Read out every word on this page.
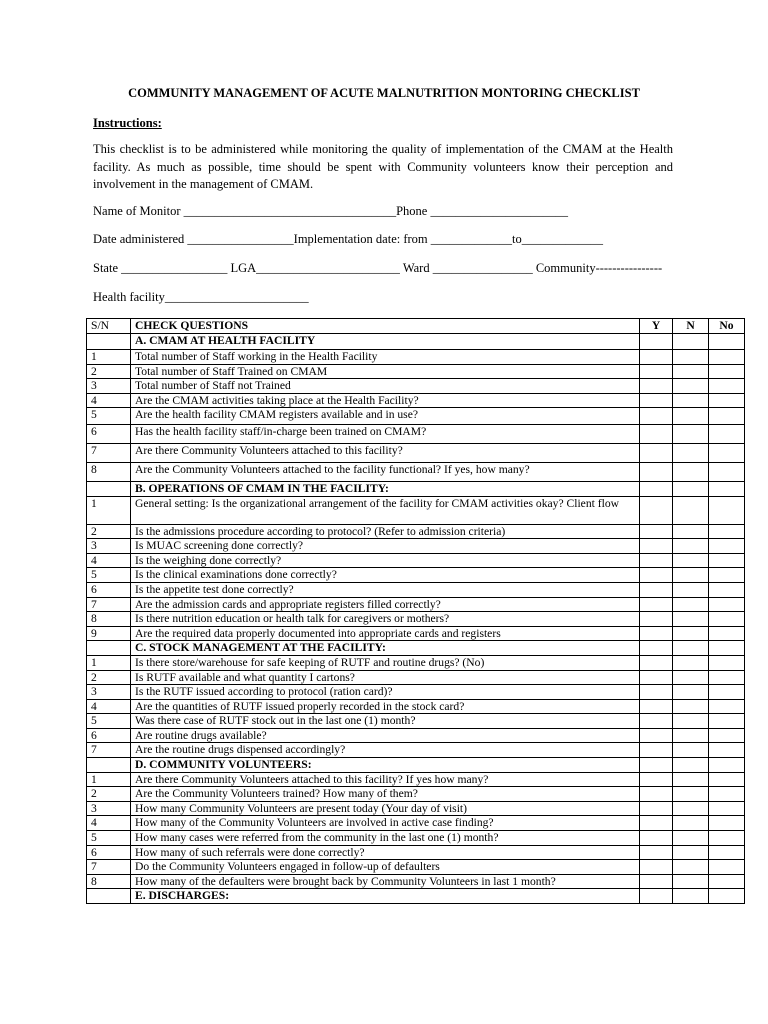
COMMUNITY MANAGEMENT OF ACUTE MALNUTRITION MONTORING CHECKLIST
Instructions:
This checklist is to be administered while monitoring the quality of implementation of the CMAM at the Health facility. As much as possible, time should be spent with Community volunteers know their perception and involvement in the management of CMAM.
Name of Monitor __________________________________Phone ______________________
Date administered _________________Implementation date: from _____________to_____________
State _________________ LGA_______________________ Ward ________________ Community----------------
Health facility_______________________
S/N	CHECK QUESTIONS	Y	N	No
	A. CMAM AT HEALTH FACILITY			
1	Total number of Staff working in the Health Facility			
2	Total number of Staff Trained on CMAM			
3	Total number of Staff not Trained			
4	Are the CMAM activities taking place at the Health Facility?			
5	Are the health facility CMAM registers available and in use?			
6	Has the health facility staff/in-charge been trained on CMAM?			
7	Are there Community Volunteers attached to this facility?			
8	Are the Community Volunteers attached to the facility functional? If yes, how many?			
	B. OPERATIONS OF CMAM IN THE FACILITY:			
1	General setting: Is the organizational arrangement of the facility for CMAM activities okay? Client flow			
2	Is the admissions procedure according to protocol? (Refer to admission criteria)			
3	Is MUAC screening done correctly?			
4	Is the weighing done correctly?			
5	Is the clinical examinations done correctly?			
6	Is the appetite test done correctly?			
7	Are the admission cards and appropriate registers filled correctly?			
8	Is there nutrition education or health talk for caregivers or mothers?			
9	Are the required data properly documented into appropriate cards and registers			
	C. STOCK MANAGEMENT AT THE FACILITY:			
1	Is there store/warehouse for safe keeping of RUTF and routine drugs? (No)			
2	Is RUTF available and what quantity I cartons?			
3	Is the RUTF issued according to protocol (ration card)?			
4	Are the quantities of RUTF issued properly recorded in the stock card?			
5	Was there case of RUTF stock out in the last one (1) month?			
6	Are routine drugs available?			
7	Are the routine drugs dispensed accordingly?			
	D. COMMUNITY VOLUNTEERS:			
1	Are there Community Volunteers attached to this facility? If yes how many?			
2	Are the Community Volunteers trained? How many of them?			
3	How many Community Volunteers are present today (Your day of visit)			
4	How many of the Community Volunteers are involved in active case finding?			
5	How many cases were referred from the community in the last one (1) month?			
6	How many of such referrals were done correctly?			
7	Do the Community Volunteers engaged in follow-up of defaulters			
8	How many of the defaulters were brought back by Community Volunteers in last 1 month?			
	E. DISCHARGES:			
